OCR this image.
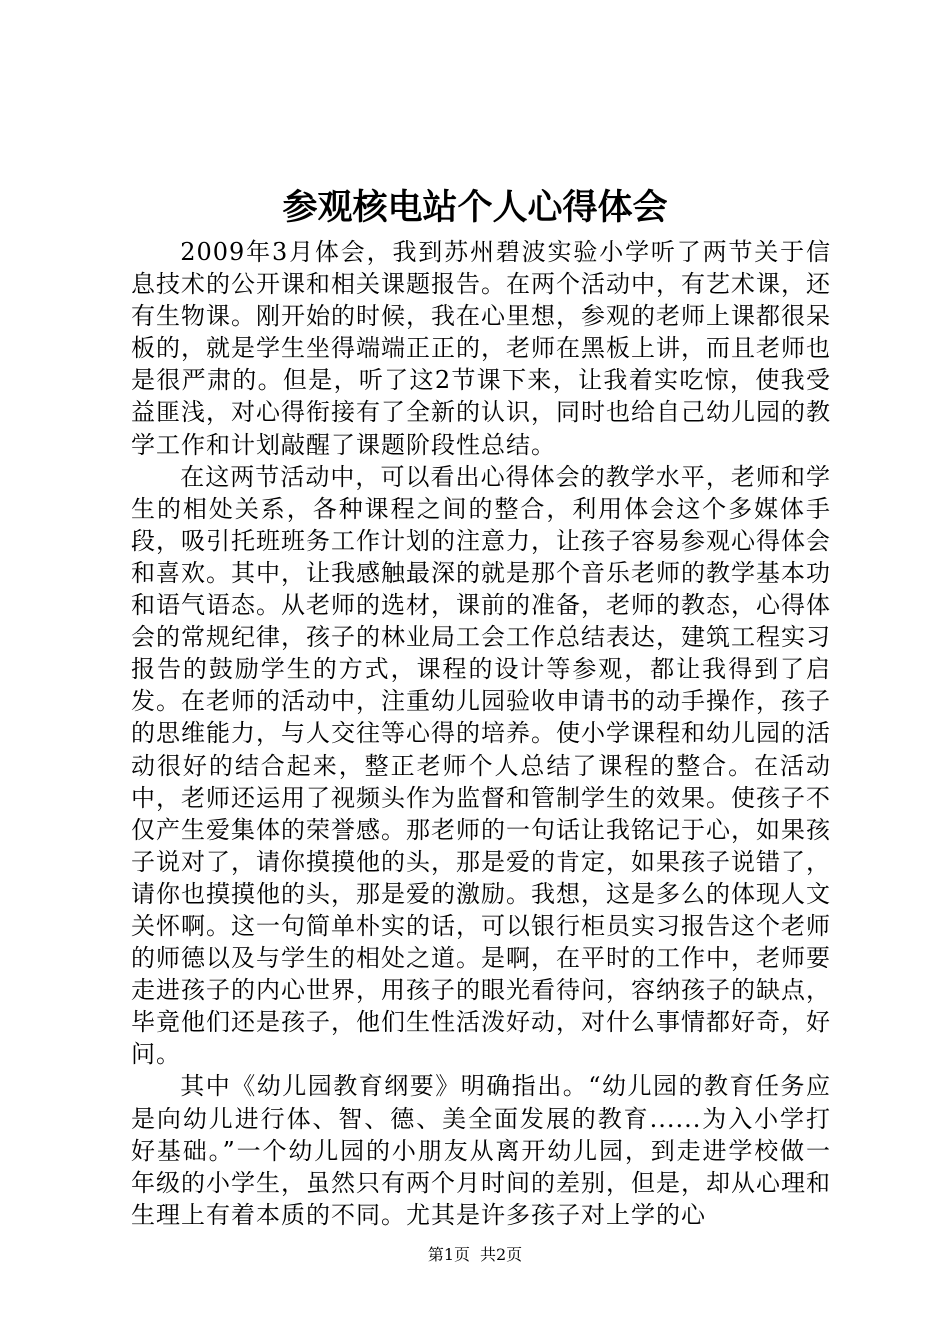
参观核电站个人心得体会

2009年3月体会，我到苏州碧波实验小学听了两节关于信息技术的公开课和相关课题报告。在两个活动中，有艺术课，还有生物课。刚开始的时候，我在心里想，参观的老师上课都很呆板的，就是学生坐得端端正正的，老师在黑板上讲，而且老师也是很严肃的。但是，听了这2节课下来，让我着实吃惊，使我受益匪浅，对心得衔接有了全新的认识，同时也给自己幼儿园的教学工作和计划敲醒了课题阶段性总结。

在这两节活动中，可以看出心得体会的教学水平，老师和学生的相处关系，各种课程之间的整合，利用体会这个多媒体手段，吸引托班班务工作计划的注意力，让孩子容易参观心得体会和喜欢。其中，让我感触最深的就是那个音乐老师的教学基本功和语气语态。从老师的选材，课前的准备，老师的教态，心得体会的常规纪律，孩子的林业局工会工作总结表达，建筑工程实习报告的鼓励学生的方式，课程的设计等参观，都让我得到了启发。在老师的活动中，注重幼儿园验收申请书的动手操作，孩子的思维能力，与人交往等心得的培养。使小学课程和幼儿园的活动很好的结合起来，整正老师个人总结了课程的整合。在活动中，老师还运用了视频头作为监督和管制学生的效果。使孩子不仅产生爱集体的荣誉感。那老师的一句话让我铭记于心，如果孩子说对了，请你摸摸他的头，那是爱的肯定，如果孩子说错了，请你也摸摸他的头，那是爱的激励。我想，这是多么的体现人文关怀啊。这一句简单朴实的话，可以银行柜员实习报告这个老师的师德以及与学生的相处之道。是啊，在平时的工作中，老师要走进孩子的内心世界，用孩子的眼光看待问，容纳孩子的缺点，毕竟他们还是孩子，他们生性活泼好动，对什么事情都好奇，好问。

其中《幼儿园教育纲要》明确指出。“幼儿园的教育任务应是向幼儿进行体、智、德、美全面发展的教育......为入小学打好基础。”一个幼儿园的小朋友从离开幼儿园，到走进学校做一年级的小学生，虽然只有两个月时间的差别，但是，却从心理和生理上有着本质的不同。尤其是许多孩子对上学的心

第1页 共2页
